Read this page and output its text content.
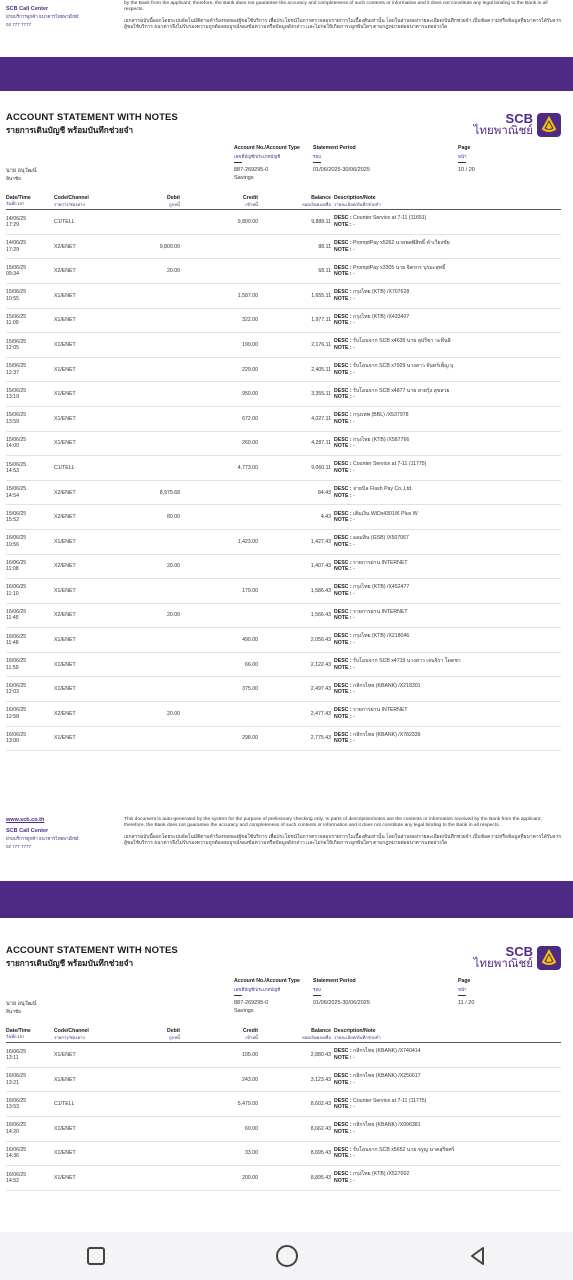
SCB Call Center
ฝ่ายบริการลูกค้า ธนาคารไทยพาณิชย์
02 777 7777

by the Bank from the applicant; therefore, the Bank does not guarantee the accuracy and completeness of such contents or information and it does not constitute any legal binding to the Bank in all respects.

เอกสารฉบับนี้ออกโดยระบบอัตโนมัติตามคำร้องขอของผู้ขอใช้บริการ เพื่อประโยชน์ในการตรวจสอบรายการในเบื้องต้นเท่านั้น โดยในส่วนของรายละเอียด/บันทึกช่วยจำ เป็นข้อความหรือข้อมูลที่ธนาคารได้รับจากผู้ขอใช้บริการ ธนาคารจึงไม่รับรองความถูกต้องสมบูรณ์ของข้อความหรือข้อมูลดังกล่าว และไม่ก่อให้เกิดภาระผูกพันใดๆ ตามกฎหมายต่อธนาคารแต่อย่างใด

ACCOUNT STATEMENT WITH NOTES
รายการเดินบัญชี พร้อมบันทึกช่วยจำ
SCB
ไทยพาณิชย์
Account No./Account Type
เลขที่บัญชี/ประเภทบัญชี
Statement Period
รอบ
Page
หน้า
นาย อนุวัฒน์
สินาชัย
887-269295-0
Savings
01/06/2025-30/06/2025	10 / 20
Date/Time
วันที่/เวลา	Code/Channel
รายการ/ช่องทาง	Debit
ถูกหนี้	Credit
เข้าหนี้	Balance
ยอดเงินคงเหลือ	Description/Note
รายละเอียด/บันทึกช่วยจำ

14/06/25
17:29	C1/TELL		9,800.00	9,888.11	DESC : Counter Service at 7-11 (11651)
NOTE : -
14/06/25
17:29	X2/ENET	9,800.00		88.11	DESC : PromptPay x5262 นายพลพิสิทธิ์ คำเวียงชัย
NOTE : -
15/06/25
09:34	X2/ENET	20.00		68.11	DESC : PromptPay x3305 นาย จิตรกร บุรมะสุทธิ์
NOTE : -
15/06/25
10:55	X1/ENET		1,587.00	1,655.11	DESC : กรุงไทย (KTB) /X707628
NOTE : -
15/06/25
11:09	X1/ENET		322.00	1,977.11	DESC : กรุงไทย (KTB) /X433407
NOTE : -
15/06/25
12:05	X1/ENET		199.00	2,176.11	DESC : รับโอนจาก SCB x4635 นาย สุปรีชา วะทีนสิ
NOTE : -
15/06/25
12:37	X1/ENET		229.00	2,405.11	DESC : รับโอนจาก SCB x7929 นางสาว จันทร์เพ็ญ บุ
NOTE : -
15/06/25
13:19	X1/ENET		950.00	3,355.11	DESC : รับโอนจาก SCB x4877 นาย สายรุ้ง สุขสวย
NOTE : -
15/06/25
13:59	X1/ENET		672.00	4,027.11	DESC : กรุงเทพ (BBL) /X537978
NOTE : -
15/06/25
14:00	X1/ENET		260.00	4,287.11	DESC : กรุงไทย (KTB) /X587766
NOTE : -
15/06/25
14:53	C1/TELL		4,773.00	9,060.11	DESC : Counter Service at 7-11 (11775)
NOTE : -
15/06/25
14:54	X2/ENET	8,975.68		84.43	DESC : จ่ายบิล Flash Pay Co.,Ltd.
NOTE : -
15/06/25
15:52	X2/ENET	80.00		4.43	DESC : เติมเงิน WiDx4301/K Plus W
NOTE : -
16/06/25
10:56	X1/ENET		1,423.00	1,427.43	DESC : ออมสิน (GSB) /X507067
NOTE : -
16/06/25
11:08	X2/ENET	20.00		1,407.43	DESC : รายการผ่าน INTERNET
NOTE : -
16/06/25
11:10	X1/ENET		179.00	1,586.43	DESC : กรุงไทย (KTB) /X452477
NOTE : -
16/06/25
11:45	X2/ENET	20.00		1,566.43	DESC : รายการผ่าน INTERNET
NOTE : -
16/06/25
11:48	X1/ENET		490.00	2,056.43	DESC : กรุงไทย (KTB) /X218046
NOTE : -
16/06/25
11:59	X1/ENET		66.00	2,122.43	DESC : รับโอนจาก SCB x4719 นางสาว เจนจิรา โดดชา
NOTE : -
16/06/25
12:03	X1/ENET		375.00	2,497.43	DESC : กสิกรไทย (KBANK) /X218301
NOTE : -
16/06/25
12:58	X2/ENET	20.00		2,477.43	DESC : รายการผ่าน INTERNET
NOTE : -
16/06/25
13:00	X1/ENET		298.00	2,775.43	DESC : กสิกรไทย (KBANK) /X782339
NOTE : -
www.scb.co.th
SCB Call Center
ฝ่ายบริการลูกค้า ธนาคารไทยพาณิชย์
02 777 7777

This document is auto-generated by the system for the purpose of preliminary checking only. In parts of description/notes are the contents or information received by the Bank from the applicant; therefore, the Bank does not guarantee the accuracy and completeness of such contents or information and it does not constitute any legal binding to the Bank in all respects.

เอกสารฉบับนี้ออกโดยระบบอัตโนมัติตามคำร้องขอของผู้ขอใช้บริการ เพื่อประโยชน์ในการตรวจสอบรายการในเบื้องต้นเท่านั้น โดยในส่วนของรายละเอียด/บันทึกช่วยจำ เป็นข้อความหรือข้อมูลที่ธนาคารได้รับจากผู้ขอใช้บริการ ธนาคารจึงไม่รับรองความถูกต้องสมบูรณ์ของข้อความหรือข้อมูลดังกล่าว และไม่ก่อให้เกิดภาระผูกพันใดๆ ตามกฎหมายต่อธนาคารแต่อย่างใด

ACCOUNT STATEMENT WITH NOTES
รายการเดินบัญชี พร้อมบันทึกช่วยจำ
SCB
ไทยพาณิชย์
Account No./Account Type
เลขที่บัญชี/ประเภทบัญชี
Statement Period
รอบ
Page
หน้า
นาย อนุวัฒน์
สินาชัย
887-269295-0
Savings
01/06/2025-30/06/2025	11 / 20
Date/Time
วันที่/เวลา	Code/Channel
รายการ/ช่องทาง	Debit
ถูกหนี้	Credit
เข้าหนี้	Balance
ยอดเงินคงเหลือ	Description/Note
รายละเอียด/บันทึกช่วยจำ

16/06/25
13:11	X1/ENET		105.00	2,880.43	DESC : กสิกรไทย (KBANK) /X740414
NOTE : -
16/06/25
13:21	X1/ENET		243.00	3,123.43	DESC : กสิกรไทย (KBANK) /X256617
NOTE : -
16/06/25
13:53	C1/TELL		5,479.00	8,602.43	DESC : Counter Service at 7-11 (11775)
NOTE : -
16/06/25
14:20	X1/ENET		60.00	8,662.43	DESC : กสิกรไทย (KBANK) /X996381
NOTE : -
16/06/25
14:36	X1/ENET		33.00	8,695.43	DESC : รับโอนจาก SCB x5652 นาย จรูญ นาคสุริยศร์
NOTE : -
16/06/25
14:52	X1/ENET		200.00	8,895.43	DESC : กรุงไทย (KTB) /X527002
NOTE : -
